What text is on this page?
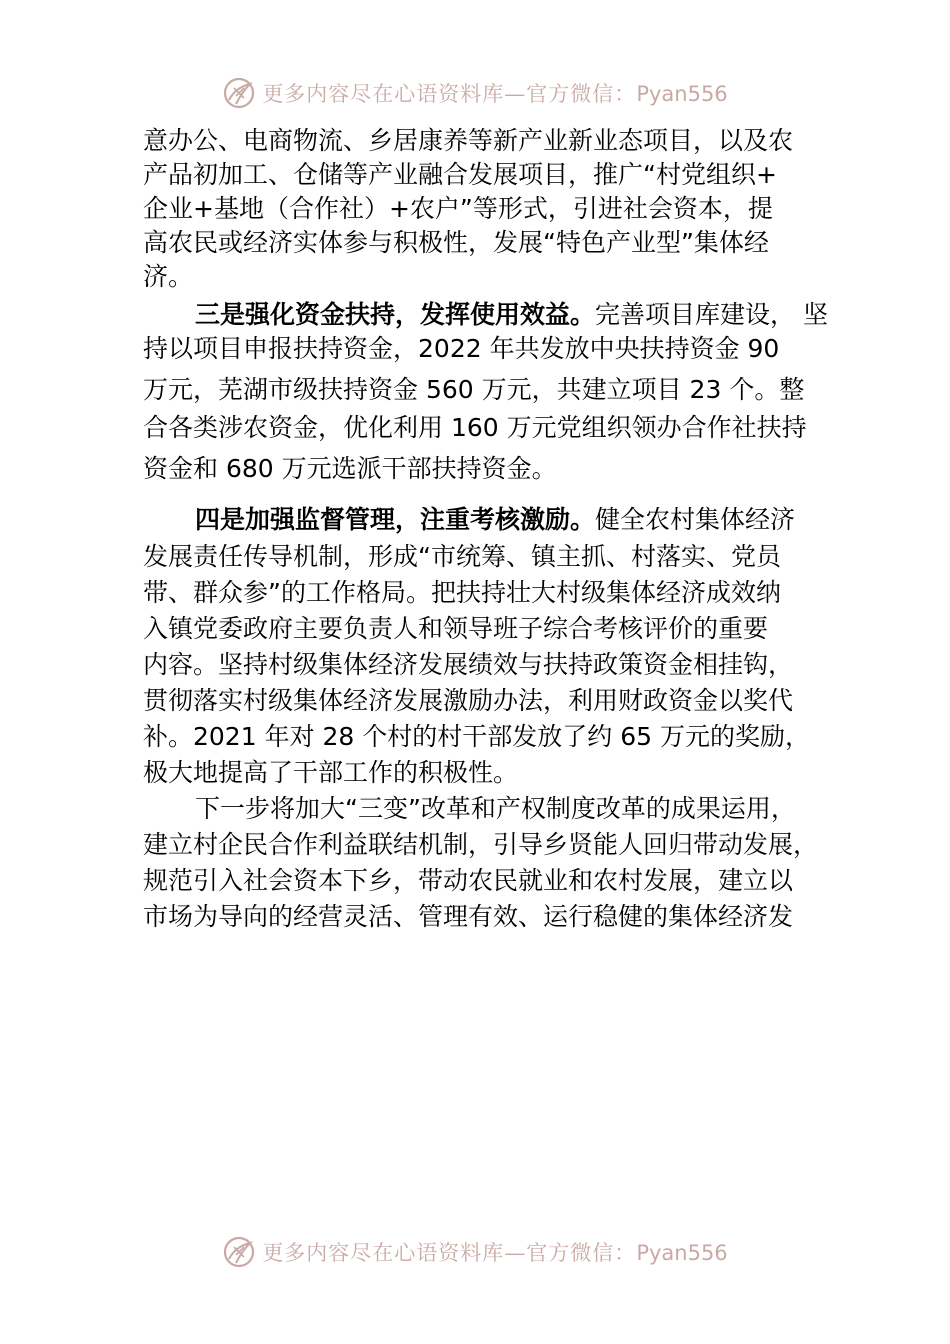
更多内容尽在心语资料库—官方微信：Pyan556
意办公、电商物流、乡居康养等新产业新业态项目，以及农
产品初加工、仓储等产业融合发展项目，推广“村党组织+
企业+基地（合作社）+农户”等形式，引进社会资本，提
高农民或经济实体参与积极性，发展“特色产业型”集体经
济。
三是强化资金扶持，发挥使用效益。完善项目库建设， 坚
持以项目申报扶持资金，2022 年共发放中央扶持资金 90
万元，芜湖市级扶持资金 560 万元，共建立项目 23 个。整
合各类涉农资金，优化利用 160 万元党组织领办合作社扶持
资金和 680 万元选派干部扶持资金。
四是加强监督管理，注重考核激励。健全农村集体经济
发展责任传导机制，形成“市统筹、镇主抓、村落实、党员
带、群众参”的工作格局。把扶持壮大村级集体经济成效纳
入镇党委政府主要负责人和领导班子综合考核评价的重要
内容。坚持村级集体经济发展绩效与扶持政策资金相挂钩，
贯彻落实村级集体经济发展激励办法，利用财政资金以奖代
补。2021 年对 28 个村的村干部发放了约 65 万元的奖励，
极大地提高了干部工作的积极性。
下一步将加大“三变”改革和产权制度改革的成果运用，
建立村企民合作利益联结机制，引导乡贤能人回归带动发展，
规范引入社会资本下乡，带动农民就业和农村发展，建立以
市场为导向的经营灵活、管理有效、运行稳健的集体经济发
更多内容尽在心语资料库—官方微信：Pyan556
